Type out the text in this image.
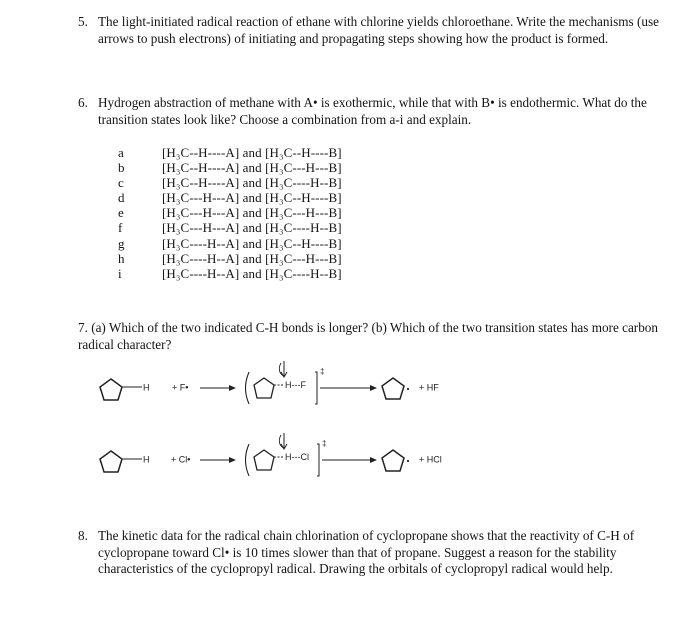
5. The light-initiated radical reaction of ethane with chlorine yields chloroethane. Write the mechanisms (use arrows to push electrons) of initiating and propagating steps showing how the product is formed.
6. Hydrogen abstraction of methane with A• is exothermic, while that with B• is endothermic. What do the transition states look like? Choose a combination from a-i and explain.
a	[H₃C--H----A] and [H₃C--H----B]
b	[H₃C--H----A] and [H₃C---H---B]
c	[H₃C--H----A] and [H₃C----H--B]
d	[H₃C---H---A] and [H₃C--H----B]
e	[H₃C---H---A] and [H₃C---H---B]
f	[H₃C---H---A] and [H₃C----H--B]
g	[H₃C----H--A] and [H₃C--H----B]
h	[H₃C----H--A] and [H₃C---H---B]
i	[H₃C----H--A] and [H₃C----H--B]
7. (a) Which of the two indicated C-H bonds is longer? (b) Which of the two transition states has more carbon radical character?
H	+ F•	H---F
‡
+ HF
H + Cl•	H---Cl
‡
+ HCl
8. The kinetic data for the radical chain chlorination of cyclopropane shows that the reactivity of C-H of cyclopropane toward Cl• is 10 times slower than that of propane. Suggest a reason for the stability characteristics of the cyclopropyl radical. Drawing the orbitals of cyclopropyl radical would help.
